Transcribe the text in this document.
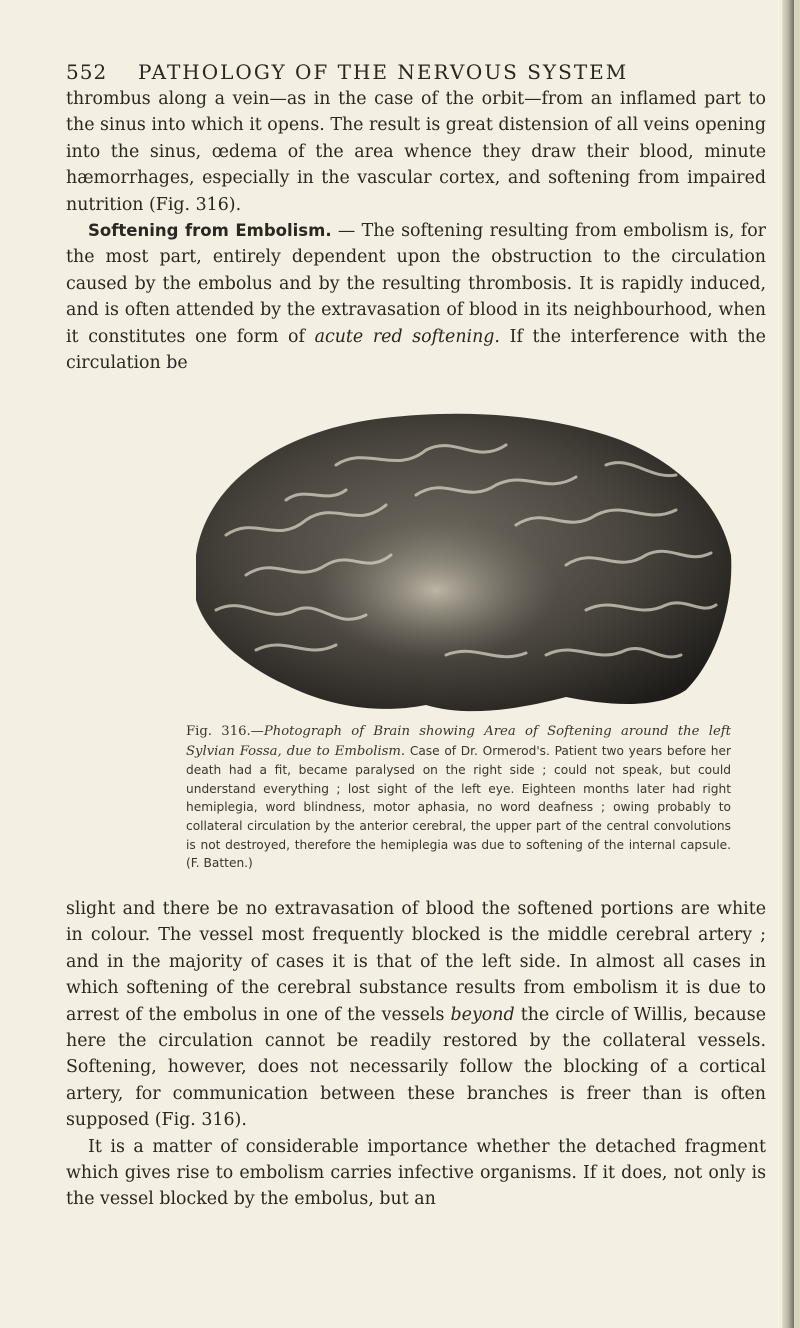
552 PATHOLOGY OF THE NERVOUS SYSTEM

thrombus along a vein—as in the case of the orbit—from an inflamed part to the sinus into which it opens. The result is great distension of all veins opening into the sinus, œdema of the area whence they draw their blood, minute hæmorrhages, especially in the vascular cortex, and softening from impaired nutrition (Fig. 316).

Softening from Embolism. — The softening resulting from embolism is, for the most part, entirely dependent upon the obstruction to the circulation caused by the embolus and by the resulting thrombosis. It is rapidly induced, and is often attended by the extravasation of blood in its neighbourhood, when it constitutes one form of acute red softening. If the interference with the circulation be

Fig. 316.—Photograph of Brain showing Area of Softening around the left Sylvian Fossa, due to Embolism. Case of Dr. Ormerod's. Patient two years before her death had a fit, became paralysed on the right side ; could not speak, but could understand everything ; lost sight of the left eye. Eighteen months later had right hemiplegia, word blindness, motor aphasia, no word deafness ; owing probably to collateral circulation by the anterior cerebral, the upper part of the central convolutions is not destroyed, therefore the hemiplegia was due to softening of the internal capsule. (F. Batten.)

slight and there be no extravasation of blood the softened portions are white in colour. The vessel most frequently blocked is the middle cerebral artery ; and in the majority of cases it is that of the left side. In almost all cases in which softening of the cerebral substance results from embolism it is due to arrest of the embolus in one of the vessels beyond the circle of Willis, because here the circulation cannot be readily restored by the collateral vessels. Softening, however, does not necessarily follow the blocking of a cortical artery, for communication between these branches is freer than is often supposed (Fig. 316).

It is a matter of considerable importance whether the detached fragment which gives rise to embolism carries infective organisms. If it does, not only is the vessel blocked by the embolus, but an
